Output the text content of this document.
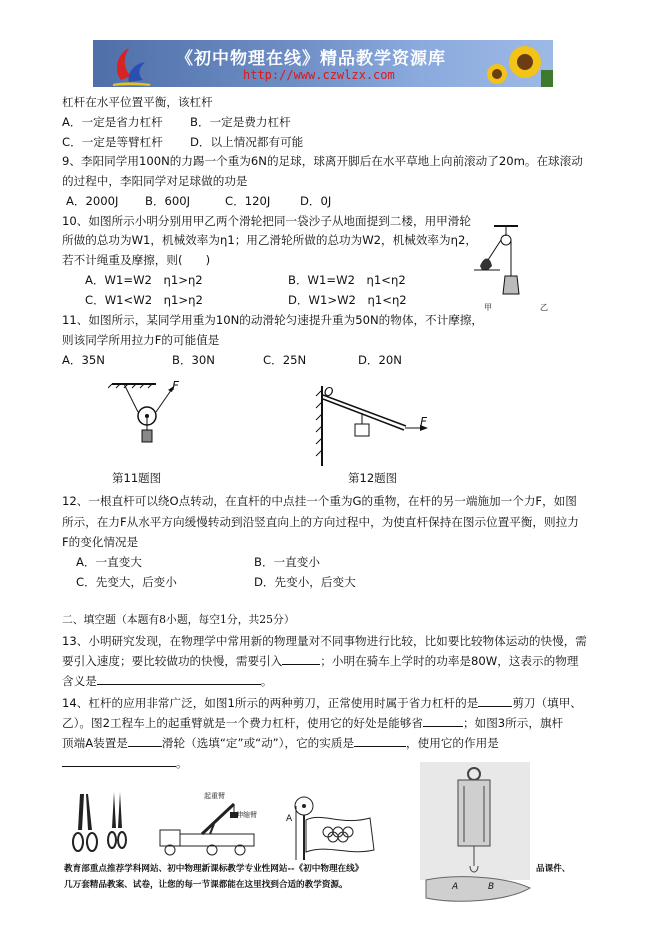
《初中物理在线》精品教学资源库
http://www.czwlzx.com
杠杆在水平位置平衡，该杠杆
A．一定是省力杠杆 B．一定是费力杠杆
C．一定是等臂杠杆 D．以上情况都有可能
9、李阳同学用100N的力踢一个重为6N的足球，球离开脚后在水平草地上向前滚动了20m。在球滚动
的过程中，李阳同学对足球做的功是
A．2000J B．600J	C．120J	D．0J
10、如图所示小明分别用甲乙两个滑轮把同一袋沙子从地面提到二楼，用甲滑轮
所做的总功为W1，机械效率为η1；用乙滑轮所做的总功为W2，机械效率为η2，
若不计绳重及摩擦，则(　　)
A．W1=W2　η1>η2	B．W1=W2　η1<η2
C．W1<W2　η1>η2	D．W1>W2　η1<η2
甲	乙
11、如图所示，某同学用重为10N的动滑轮匀速提升重为50N的物体，不计摩擦，
则该同学所用拉力F的可能值是
A．35N	B．30N	C．25N	D．20N
F
第11题图
O
F
第12题图
12、一根直杆可以绕O点转动，在直杆的中点挂一个重为G的重物，在杆的另一端施加一个力F，如图
所示，在力F从水平方向缓慢转动到沿竖直向上的方向过程中，为使直杆保持在图示位置平衡，则拉力
F的变化情况是
A．一直变大	B．一直变小
C．先变大，后变小	D．先变小，后变大
二、填空题（本题有8小题，每空1分，共25分）
13、小明研究发现，在物理学中常用新的物理量对不同事物进行比较，比如要比较物体运动的快慢，需
要引入速度；要比较做功的快慢，需要引入	；小明在骑车上学时的功率是80W，这表示的物理
含义是	。
14、杠杆的应用非常广泛，如图1所示的两种剪刀，正常使用时属于省力杠杆的是	剪刀（填甲、
乙）。图2工程车上的起重臂就是一个费力杠杆，使用它的好处是能够省	；如图3所示，旗杆
顶端A装置是	滑轮（选填“定”或“动”），它的实质是	，使用它的作用是
。
起重臂
伸缩臂	A
A	B
教育部重点推荐学科网站、初中物理新课标教学专业性网站--《初中物理在线》	品课件、
几万套精品教案、试卷，让您的每一节课都能在这里找到合适的教学资源。
